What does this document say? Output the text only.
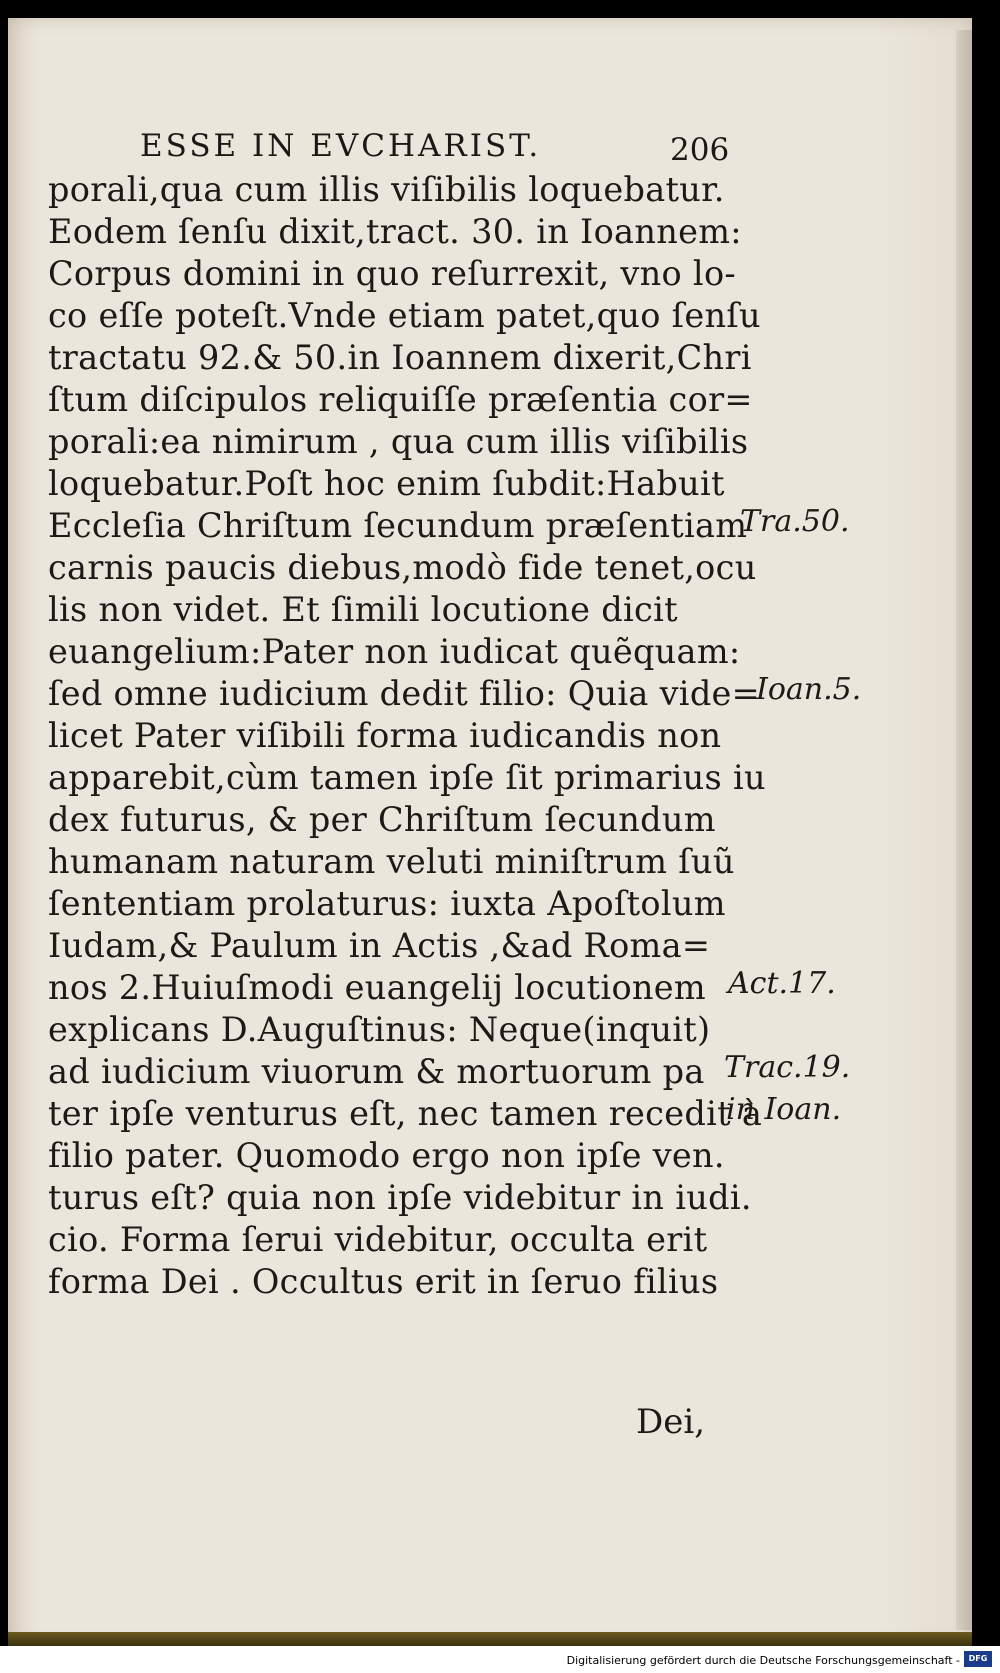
ESSE IN EVCHARIST.	206
porali,qua cum illis viſibilis loquebatur.
Eodem ſenſu dixit,tract. 30. in Ioannem:
Corpus domini in quo reſurrexit, vno lo-
co eſſe poteſt.Vnde etiam patet,quo ſenſu
tractatu 92.& 50.in Ioannem dixerit,Chri
ſtum diſcipulos reliquiſſe præſentia cor=
porali:ea nimirum , qua cum illis viſibilis
loquebatur.Poſt hoc enim ſubdit:Habuit
Eccleſia Chriſtum ſecundum præſentiam
carnis paucis diebus,modò fide tenet,ocu
lis non videt. Et ſimili locutione dicit
euangelium:Pater non iudicat quẽquam:
ſed omne iudicium dedit filio: Quia vide=
licet Pater viſibili forma iudicandis non
apparebit,cùm tamen ipſe ſit primarius iu
dex futurus, & per Chriſtum ſecundum
humanam naturam veluti miniſtrum ſuũ
ſententiam prolaturus: iuxta Apoſtolum
Iudam,& Paulum in Actis ,&ad Roma=
nos 2.Huiuſmodi euangelij locutionem
explicans D.Auguſtinus: Neque(inquit)
ad iudicium viuorum & mortuorum pa
ter ipſe venturus eſt, nec tamen recedit à
filio pater. Quomodo ergo non ipſe ven.
turus eſt? quia non ipſe videbitur in iudi.
cio. Forma ſerui videbitur, occulta erit
forma Dei . Occultus erit in ſeruo filius
Dei,
Tra.50.
Ioan.5.
Act.17.
Trac.19.
in Ioan.
Digitalisierung gefördert durch die Deutsche Forschungsgemeinschaft -	DFG
